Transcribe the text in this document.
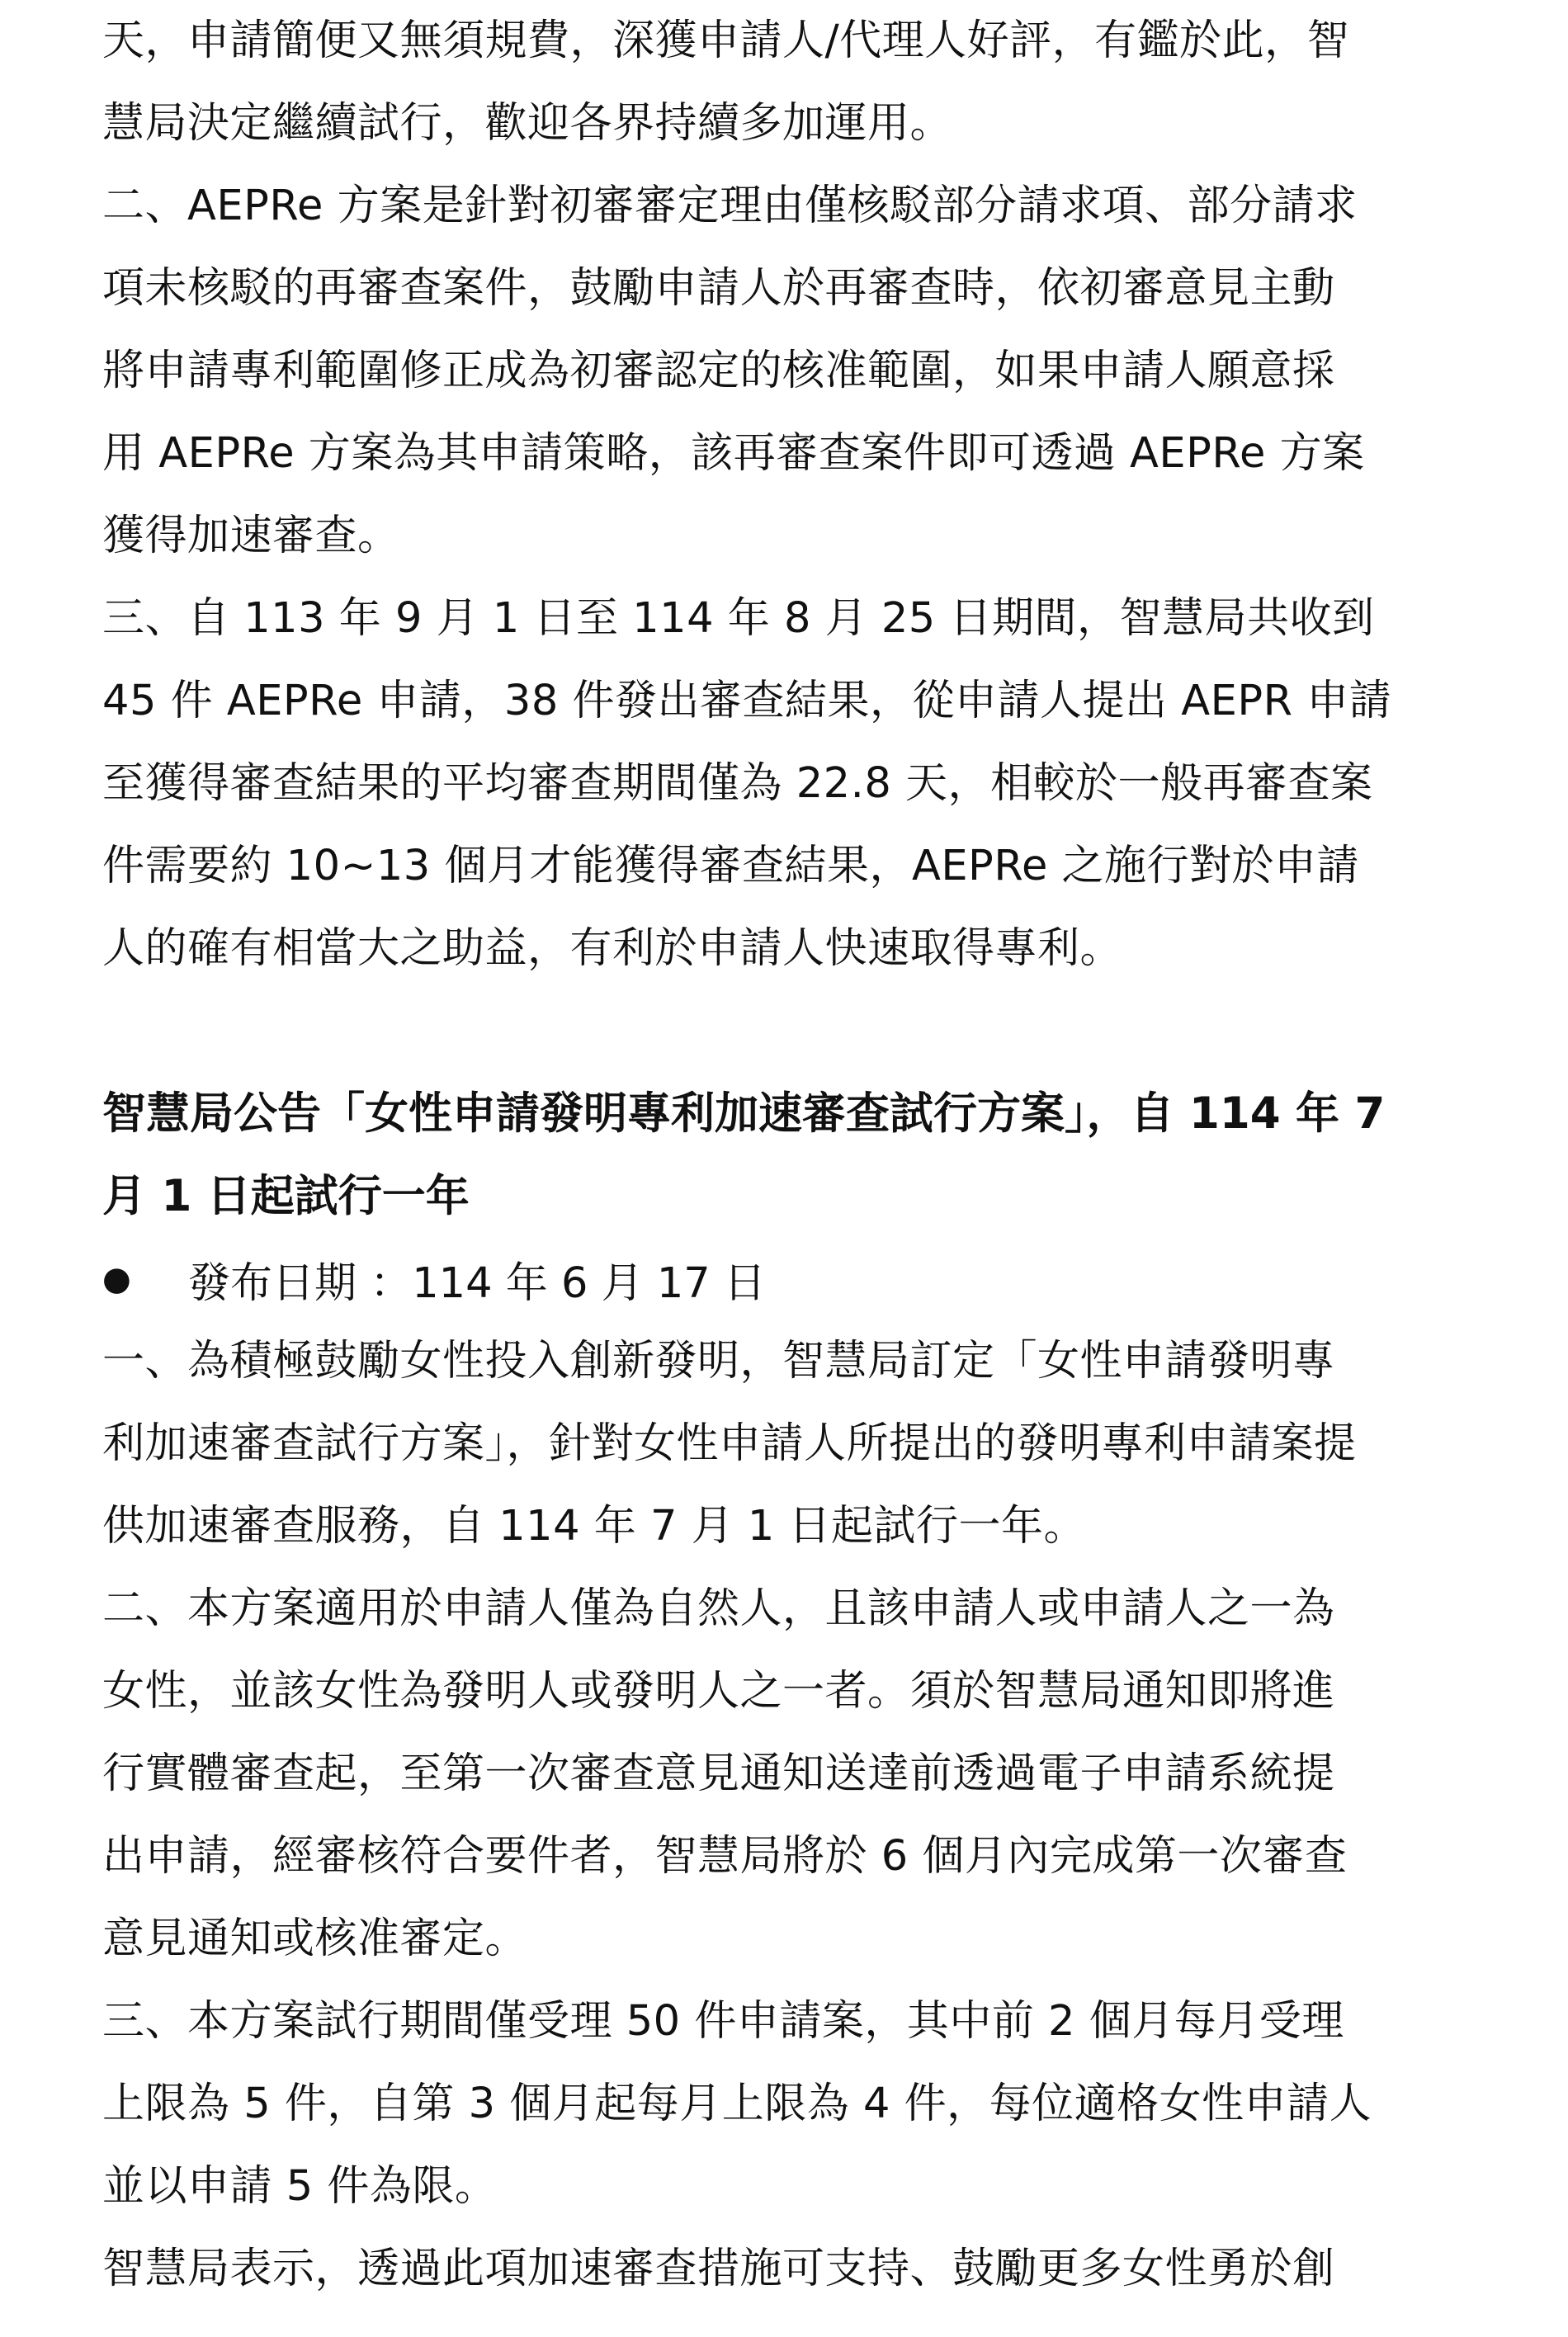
天，申請簡便又無須規費，深獲申請人/代理人好評，有鑑於此，智
慧局決定繼續試行，歡迎各界持續多加運用。

二、AEPRe 方案是針對初審審定理由僅核駁部分請求項、部分請求
項未核駁的再審查案件，鼓勵申請人於再審查時，依初審意見主動
將申請專利範圍修正成為初審認定的核准範圍，如果申請人願意採
用 AEPRe 方案為其申請策略，該再審查案件即可透過 AEPRe 方案
獲得加速審查。

三、自 113 年 9 月 1 日至 114 年 8 月 25 日期間，智慧局共收到
45 件 AEPRe 申請，38 件發出審查結果，從申請人提出 AEPR 申請
至獲得審查結果的平均審查期間僅為 22.8 天，相較於一般再審查案
件需要約 10~13 個月才能獲得審查結果，AEPRe 之施行對於申請
人的確有相當大之助益，有利於申請人快速取得專利。

智慧局公告「女性申請發明專利加速審查試行方案」，自 114 年 7
月 1 日起試行一年
●	發布日期 ：114 年 6 月 17 日

一、為積極鼓勵女性投入創新發明，智慧局訂定「女性申請發明專
利加速審查試行方案」，針對女性申請人所提出的發明專利申請案提
供加速審查服務，自 114 年 7 月 1 日起試行一年。

二、本方案適用於申請人僅為自然人，且該申請人或申請人之一為
女性，並該女性為發明人或發明人之一者。須於智慧局通知即將進
行實體審查起，至第一次審查意見通知送達前透過電子申請系統提
出申請，經審核符合要件者，智慧局將於 6 個月內完成第一次審查
意見通知或核准審定。

三、本方案試行期間僅受理 50 件申請案，其中前 2 個月每月受理
上限為 5 件，自第 3 個月起每月上限為 4 件，每位適格女性申請人
並以申請 5 件為限。

智慧局表示，透過此項加速審查措施可支持、鼓勵更多女性勇於創
